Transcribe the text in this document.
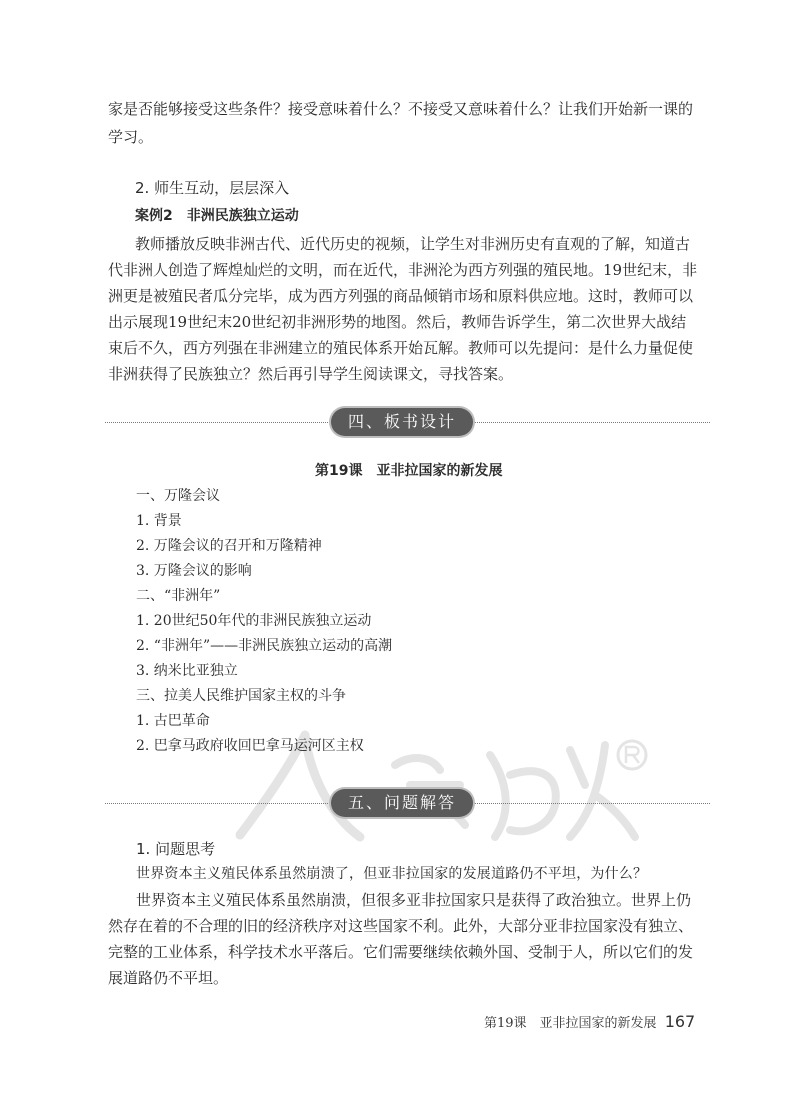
家是否能够接受这些条件？接受意味着什么？不接受又意味着什么？让我们开始新一课的
学习。
2. 师生互动，层层深入
案例2　非洲民族独立运动
教师播放反映非洲古代、近代历史的视频，让学生对非洲历史有直观的了解，知道古
代非洲人创造了辉煌灿烂的文明，而在近代，非洲沦为西方列强的殖民地。19世纪末，非
洲更是被殖民者瓜分完毕，成为西方列强的商品倾销市场和原料供应地。这时，教师可以
出示展现19世纪末20世纪初非洲形势的地图。然后，教师告诉学生，第二次世界大战结
束后不久，西方列强在非洲建立的殖民体系开始瓦解。教师可以先提问：是什么力量促使
非洲获得了民族独立？然后再引导学生阅读课文，寻找答案。
四、板书设计
第19课　亚非拉国家的新发展
一、万隆会议
1. 背景
2. 万隆会议的召开和万隆精神
3. 万隆会议的影响
二、“非洲年”
1. 20世纪50年代的非洲民族独立运动
2. “非洲年”——非洲民族独立运动的高潮
3. 纳米比亚独立
三、拉美人民维护国家主权的斗争
1. 古巴革命
2. 巴拿马政府收回巴拿马运河区主权
五、问题解答
1. 问题思考
世界资本主义殖民体系虽然崩溃了，但亚非拉国家的发展道路仍不平坦，为什么？
世界资本主义殖民体系虽然崩溃，但很多亚非拉国家只是获得了政治独立。世界上仍
然存在着的不合理的旧的经济秩序对这些国家不利。此外，大部分亚非拉国家没有独立、
完整的工业体系，科学技术水平落后。它们需要继续依赖外国、受制于人，所以它们的发
展道路仍不平坦。
第19课　亚非拉国家的新发展 167
